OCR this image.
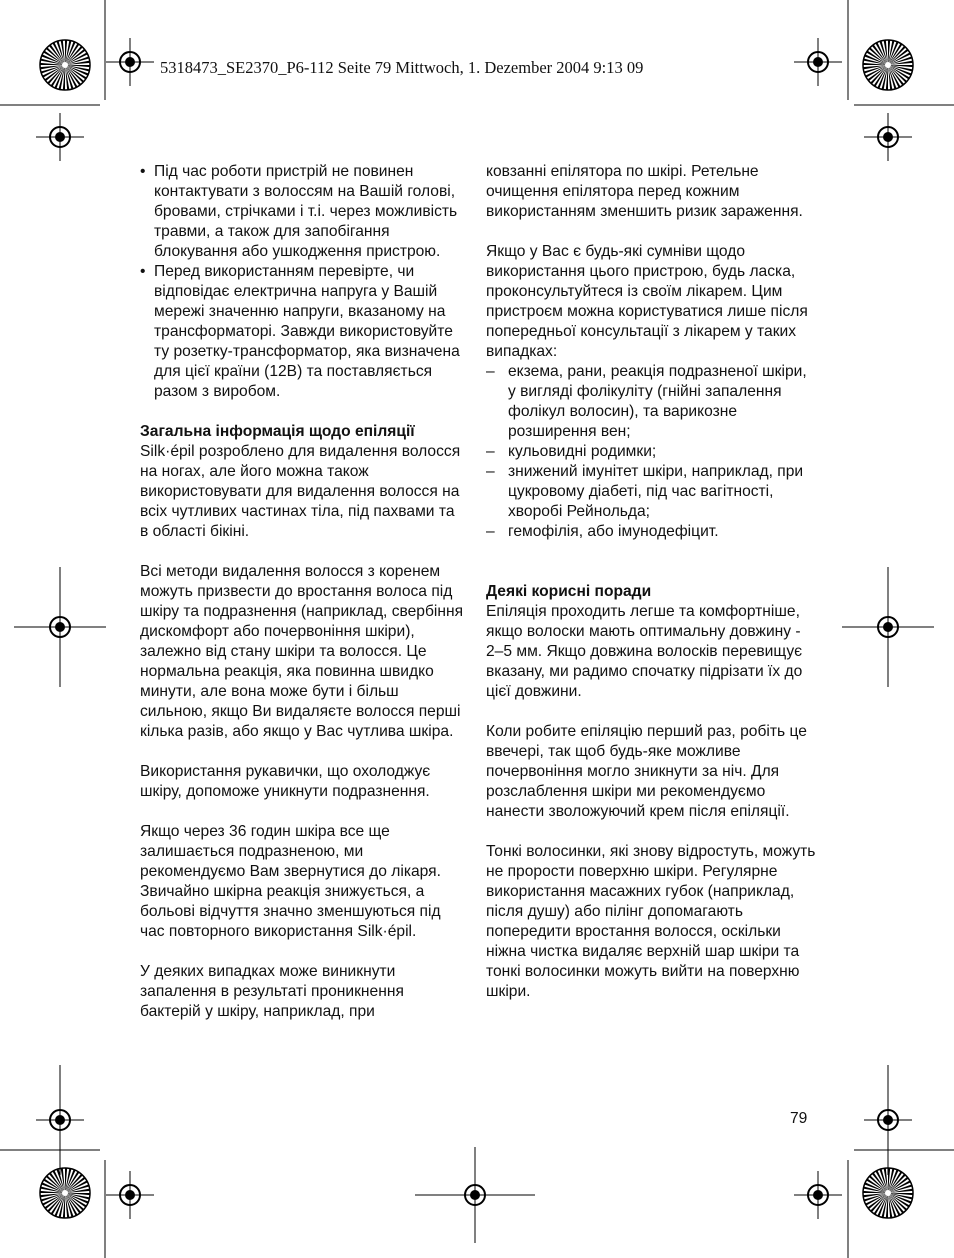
5318473_SE2370_P6-112 Seite 79 Mittwoch, 1. Dezember 2004 9:13 09
• Під час роботи пристрій не повинен контактувати з волоссям на Вашій голові, бровами, стрічками і т.і. через можливість травми, а також для запобігання блокування або ушкодження пристрою.
• Перед використанням перевірте, чи відповідає електрична напруга у Вашій мережі значенню напруги, вказаному на трансформаторі. Завжди використовуйте ту розетку-трансформатор, яка визначена для цієї країни (12В) та поставляється разом з виробом.

Загальна інформація щодо епіляції

Silk·épil розроблено для видалення волосся на ногах, але його можна також використовувати для видалення волосся на всіх чутливих частинах тіла, під пахвами та в області бікіні.

Всі методи видалення волосся з коренем можуть призвести до вростання волоса під шкіру та подразнення (наприклад, свербіння дискомфорт або почервоніння шкіри), залежно від стану шкіри та волосся. Це нормальна реакція, яка повинна швидко минути, але вона може бути і більш сильною, якщо Ви видаляєте волосся перші кілька разів, або якщо у Вас чутлива шкіра.

Використання рукавички, що охолоджує шкіру, допоможе уникнути подразнення.

Якщо через 36 годин шкіра все ще залишається подразненою, ми рекомендуємо Вам звернутися до лікаря. Звичайно шкірна реакція знижується, а больові відчуття значно зменшуються під час повторного використання Silk·épil.

У деяких випадках може виникнути запалення в результаті проникнення бактерій у шкіру, наприклад, при

ковзанні епілятора по шкірі. Ретельне очищення епілятора перед кожним використанням зменшить ризик зараження.

Якщо у Вас є будь-які сумніви щодо використання цього пристрою, будь ласка, проконсультуйтеся із своїм лікарем. Цим пристроєм можна користуватися лише після попередньої консультації з лікарем у таких випадках:

– екзема, рани, реакція подразненої шкіри, у вигляді фолікуліту (гнійні запалення фолікул волосин), та варикозне розширення вен;
– кульовидні родимки;
– знижений імунітет шкіри, наприклад, при цукровому діабеті, під час вагітності, хворобі Рейнольда;
– гемофілія, або імунодефіцит.

Деякі корисні поради

Епіляція проходить легше та комфортніше, якщо волоски мають оптимальну довжину - 2–5 мм. Якщо довжина волосків перевищує вказану, ми радимо спочатку підрізати їх до цієї довжини.

Коли робите епіляцію перший раз, робіть це ввечері, так щоб будь-яке можливе почервоніння могло зникнути за ніч. Для розслаблення шкіри ми рекомендуємо нанести зволожуючий крем після епіляції.

Тонкі волосинки, які знову відростуть, можуть не прорости поверхню шкіри. Регулярне використання масажних губок (наприклад, після душу) або пілінг допомагають попередити вростання волосся, оскільки ніжна чистка видаляє верхній шар шкіри та тонкі волосинки можуть вийти на поверхню шкіри.

79
